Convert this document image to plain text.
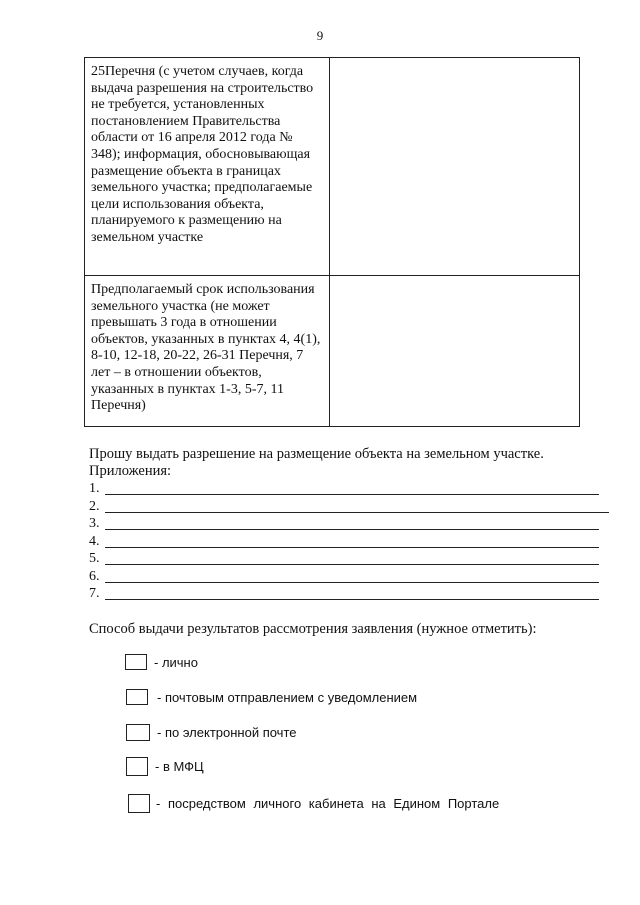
9
25Перечня (с учетом случаев, когда выдача разрешения на строительство не требуется, установленных постановлением Правительства области от 16 апреля 2012 года № 348); информация, обосновывающая размещение объекта в границах земельного участка; предполагаемые цели использования объекта, планируемого к размещению на земельном участке	
Предполагаемый срок использования земельного участка (не может превышать 3 года в отношении объектов, указанных в пунктах 4, 4(1), 8-10, 12-18, 20-22, 26-31 Перечня, 7 лет – в отношении объектов, указанных в пунктах 1-3, 5-7, 11 Перечня)	
Прошу выдать разрешение на размещение объекта на земельном участке.
Приложения:
1.
2.
3.
4.
5.
6.
7.
Способ выдачи результатов рассмотрения заявления (нужное отметить):
- лично
- почтовым отправлением с уведомлением
- по электронной почте
- в МФЦ
- посредством личного кабинета на Едином Портале
